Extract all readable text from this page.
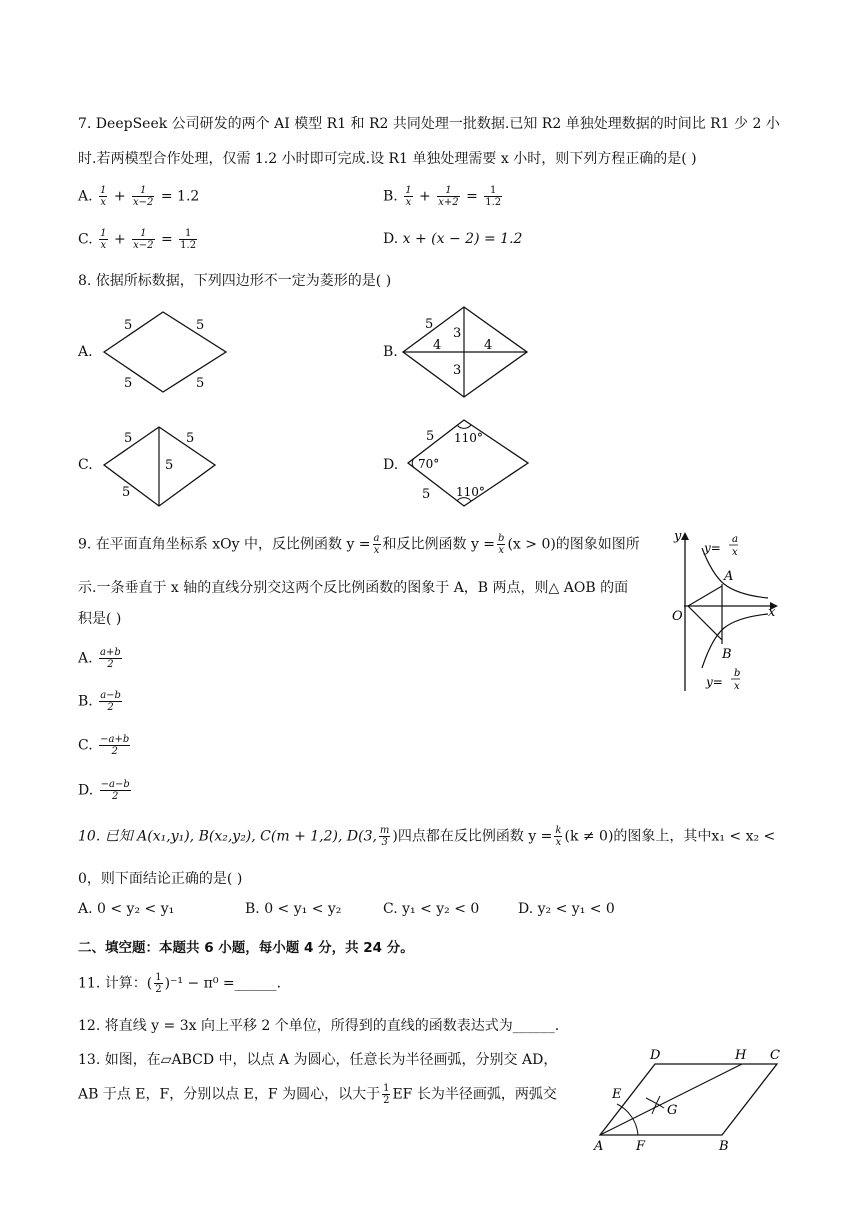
7. DeepSeek 公司研发的两个 AI 模型 R1 和 R2 共同处理一批数据.已知 R2 单独处理数据的时间比 R1 少 2 小
时.若两模型合作处理，仅需 1.2 小时即可完成.设 R1 单独处理需要 x 小时，则下列方程正确的是( )
A. $\frac{1}{x} + \frac{1}{x-2} = 1.2$	B. $\frac{1}{x} + \frac{1}{x+2} = \frac{1}{1.2}$
C. $\frac{1}{x} + \frac{1}{x-2} = \frac{1}{1.2}$	D. x + (x − 2) = 1.2
8. 依据所标数据，下列四边形不一定为菱形的是( )
A.
5	5
5	5
B.
5
3
4	4
3
C.
5	5
5
5	D.
5
5
110°
70°
110°
9. 在平面直角坐标系 xOy 中，反比例函数 $y = \frac{a}{x}$ 和反比例函数 $y = \frac{b}{x} (x > 0)$的图象如图所
示.一条垂直于 x 轴的直线分别交这两个反比例函数的图象于 A，B 两点，则△ AOB 的面
积是( )
A. $\frac{a+b}{2}$
B. $\frac{a-b}{2}$
C. $\frac{-a+b}{2}$
D. $\frac{-a-b}{2}$
y
x
O
A
B
y=
a
x
y=
b
x
10. 已知 A(x₁,y₁), B(x₂,y₂), C(m + 1,2), D(3, $\frac{m}{3}$ )四点都在反比例函数 $y = \frac{k}{x} (k \ne 0)$的图象上，其中x₁ < x₂ <
0，则下面结论正确的是( )
A. 0 < y₂ < y₁	B. 0 < y₁ < y₂	C. y₁ < y₂ < 0	D. y₂ < y₁ < 0
二、填空题：本题共 6 小题，每小题 4 分，共 24 分。
11. 计算：( $\frac{1}{2} )^{-1} - \pi^0$ =______.
12. 将直线 y = 3x 向上平移 2 个单位，所得到的直线的函数表达式为______.
13. 如图，在▱ABCD 中，以点 A 为圆心，任意长为半径画弧，分别交 AD，
AB 于点 E，F，分别以点 E，F 为圆心，以大于 $\frac{1}{2}$ EF 长为半径画弧，两弧交
A	B
C
D
E
F
G
H
